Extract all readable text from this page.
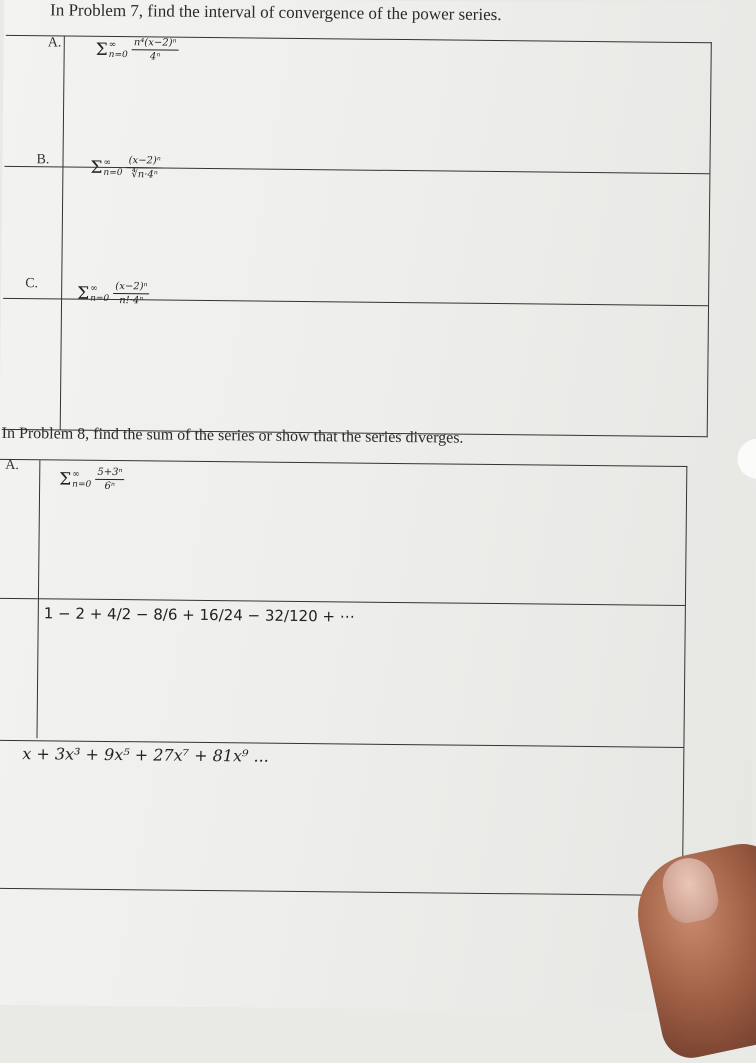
In Problem 7, find the interval of convergence of the power series.
A. Σ ∞
$n=0 \frac{\text{n⁴(x−2)ⁿ}}{\text{4ⁿ}}$
B. Σ ∞
$n=0 \frac{\text{(x−2)ⁿ}}{\text{∜n·4ⁿ}}$
C. Σ ∞
$n=0 \frac{\text{(x−2)ⁿ}}{\text{n!·4ⁿ}}$
In Problem 8, find the sum of the series or show that the series diverges.
A.
Σ ∞
$n=0 \frac{\text{5+3ⁿ}}{\text{6ⁿ}}$
1 − 2 + 4/2 − 8/6 + 16/24 − 32/120 + ⋯
x + 3x³ + 9x⁵ + 27x⁷ + 81x⁹ ...
